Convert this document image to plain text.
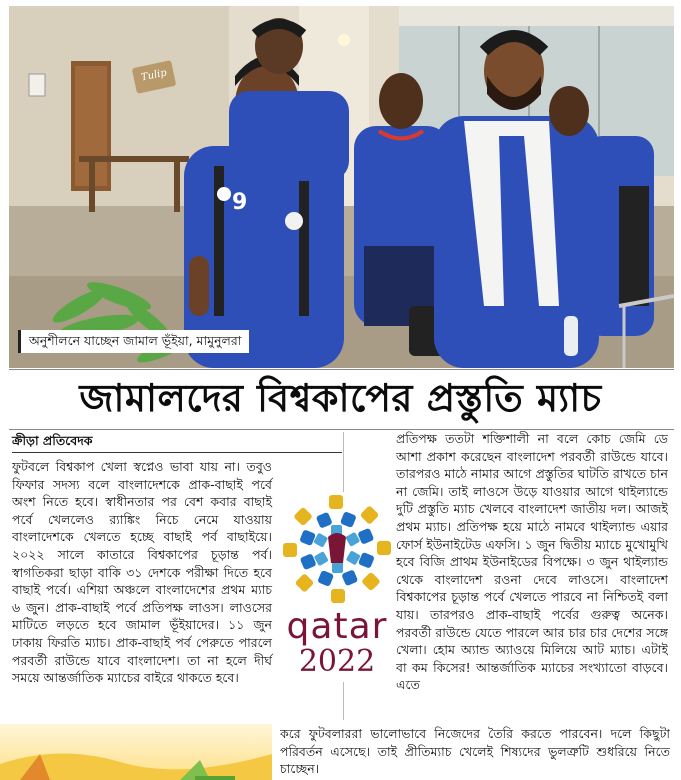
Tulip
9
অনুশীলনে যাচ্ছেন জামাল ভূঁইয়া, মামুনুলরা
জামালদের বিশ্বকাপের প্রস্তুতি ম্যাচ
ক্রীড়া প্রতিবেদক
ফুটবলে বিশ্বকাপ খেলা স্বপ্নেও ভাবা যায় না। তবুও ফিফার সদস্য বলে বাংলাদেশকে প্রাক-বাছাই পর্বে অংশ নিতে হবে। স্বাধীনতার পর বেশ কবার বাছাই পর্বে খেললেও র‍্যাঙ্কিং নিচে নেমে যাওয়ায় বাংলাদেশকে খেলতে হচ্ছে বাছাই পর্ব বাছাইয়ে। ২০২২ সালে কাতারে বিশ্বকাপের চূড়ান্ত পর্ব। স্বাগতিকরা ছাড়া বাকি ৩১ দেশকে পরীক্ষা দিতে হবে বাছাই পর্বে। এশিয়া অঞ্চলে বাংলাদেশের প্রথম ম্যাচ ৬ জুন। প্রাক-বাছাই পর্বে প্রতিপক্ষ লাওস। লাওসের মাটিতে লড়তে হবে জামাল ভূঁইয়াদের। ১১ জুন ঢাকায় ফিরতি ম্যাচ। প্রাক-বাছাই পর্ব পেরুতে পারলে পরবর্তী রাউন্ডে যাবে বাংলাদেশ। তা না হলে দীর্ঘ সময়ে আন্তর্জাতিক ম্যাচের বাইরে থাকতে হবে।
প্রতিপক্ষ ততটা শক্তিশালী না বলে কোচ জেমি ডে আশা প্রকাশ করেছেন বাংলাদেশ পরবর্তী রাউন্ডে যাবে। তারপরও মাঠে নামার আগে প্রস্তুতির ঘাটতি রাখতে চান না জেমি। তাই লাওসে উড়ে যাওয়ার আগে থাইল্যান্ডে দুটি প্রস্তুতি ম্যাচ খেলবে বাংলাদেশ জাতীয় দল। আজই প্রথম ম্যাচ। প্রতিপক্ষ হয়ে মাঠে নামবে থাইল্যান্ড এয়ার ফোর্স ইউনাইটেড এফসি। ১ জুন দ্বিতীয় ম্যাচে মুখোমুখি হবে বিজি প্রাথম ইউনাইডের বিপক্ষে। ৩ জুন থাইল্যান্ড থেকে বাংলাদেশ রওনা দেবে লাওসে। বাংলাদেশ বিশ্বকাপের চূড়ান্ত পর্বে খেলতে পারবে না নিশ্চিতই বলা যায়। তারপরও প্রাক-বাছাই পর্বের গুরুত্ব অনেক। পরবর্তী রাউন্ডে যেতে পারলে আর চার চার দেশের সঙ্গে খেলা। হোম অ্যান্ড অ্যাওয়ে মিলিয়ে আট ম্যাচ। এটাই বা কম কিসের! আন্তর্জাতিক ম্যাচের সংখ্যাতো বাড়বে। এতে
qatar
2022
করে ফুটবলাররা ভালোভাবে নিজেদের তৈরি করতে পারবেন। দলে কিছুটা পরিবর্তন এসেছে। তাই প্রীতিম্যাচ খেলেই শিষ্যদের ভুলত্রুটি শুধরিয়ে নিতে চাচ্ছেন।
